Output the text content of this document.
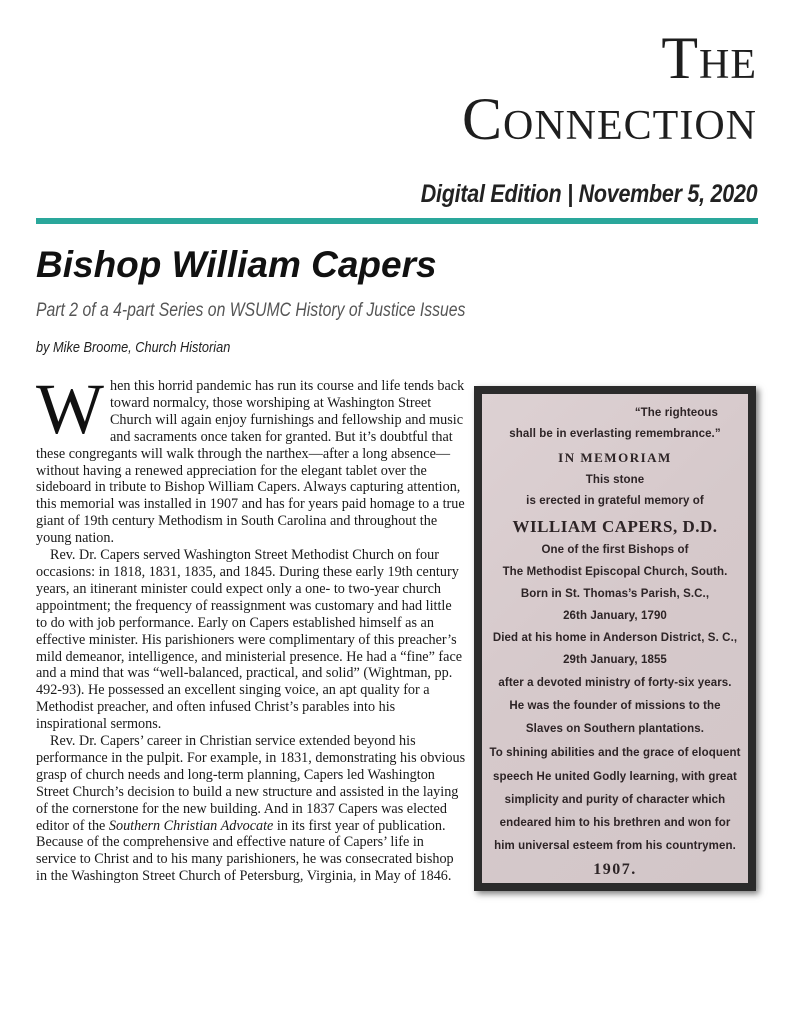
The
Connection
Digital Edition | November 5, 2020
Bishop William Capers
Part 2 of a 4-part Series on WSUMC History of Justice Issues
by Mike Broome, Church Historian

When this horrid pandemic has run its course and life tends back toward normalcy, those worshiping at Washington Street Church will again enjoy furnishings and fellowship and music and sacraments once taken for granted. But it’s doubtful that these congregants will walk through the narthex—after a long absence—without having a renewed appreciation for the elegant tablet over the sideboard in tribute to Bishop William Capers. Always capturing attention, this memorial was installed in 1907 and has for years paid homage to a true giant of 19th century Methodism in South Carolina and throughout the young nation.

Rev. Dr. Capers served Washington Street Methodist Church on four occasions: in 1818, 1831, 1835, and 1845. During these early 19th century years, an itinerant minister could expect only a one- to two-year church appointment; the frequency of reassignment was customary and had little to do with job performance. Early on Capers established himself as an effective minister. His parishioners were complimentary of this preacher’s mild demeanor, intelligence, and ministerial presence. He had a “fine” face and a mind that was “well-balanced, practical, and solid” (Wightman, pp. 492-93). He possessed an excellent singing voice, an apt quality for a Methodist preacher, and often infused Christ’s parables into his inspirational sermons.

Rev. Dr. Capers’ career in Christian service extended beyond his performance in the pulpit. For example, in 1831, demonstrating his obvious grasp of church needs and long-term planning, Capers led Washington Street Church’s decision to build a new structure and assisted in the laying of the cornerstone for the new building. And in 1837 Capers was elected editor of the Southern Christian Advocate in its first year of publication. Because of the comprehensive and effective nature of Capers’ life in service to Christ and to his many parishioners, he was consecrated bishop in the Washington Street Church of Petersburg, Virginia, in May of 1846.

“The righteous
shall be in everlasting remembrance.”
IN MEMORIAM
This stone
is erected in grateful memory of
WILLIAM CAPERS, D.D.
One of the first Bishops of
The Methodist Episcopal Church, South.
Born in St. Thomas’s Parish, S.C.,
26th January, 1790
Died at his home in Anderson District, S. C.,
29th January, 1855
after a devoted ministry of forty-six years.
He was the founder of missions to the
Slaves on Southern plantations.
To shining abilities and the grace of eloquent
speech He united Godly learning, with great
simplicity and purity of character which
endeared him to his brethren and won for
him universal esteem from his countrymen.
1907.
